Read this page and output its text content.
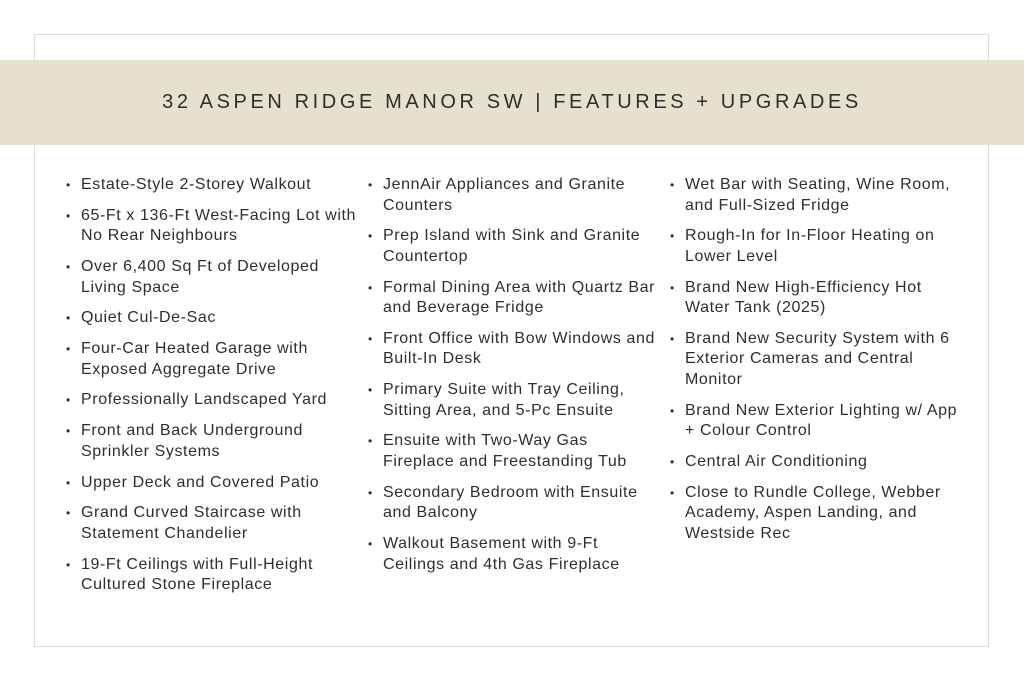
32 ASPEN RIDGE MANOR SW | FEATURES + UPGRADES
• Estate-Style 2-Storey Walkout
• 65-Ft x 136-Ft West-Facing Lot with No Rear Neighbours
• Over 6,400 Sq Ft of Developed Living Space
• Quiet Cul-De-Sac
• Four-Car Heated Garage with Exposed Aggregate Drive
• Professionally Landscaped Yard
• Front and Back Underground Sprinkler Systems
• Upper Deck and Covered Patio
• Grand Curved Staircase with Statement Chandelier
• 19-Ft Ceilings with Full-Height Cultured Stone Fireplace
• JennAir Appliances and Granite Counters
• Prep Island with Sink and Granite Countertop
• Formal Dining Area with Quartz Bar and Beverage Fridge
• Front Office with Bow Windows and Built-In Desk
• Primary Suite with Tray Ceiling, Sitting Area, and 5-Pc Ensuite
• Ensuite with Two-Way Gas Fireplace and Freestanding Tub
• Secondary Bedroom with Ensuite and Balcony
• Walkout Basement with 9-Ft Ceilings and 4th Gas Fireplace
• Wet Bar with Seating, Wine Room, and Full-Sized Fridge
• Rough-In for In-Floor Heating on Lower Level
• Brand New High-Efficiency Hot Water Tank (2025)
• Brand New Security System with 6 Exterior Cameras and Central Monitor
• Brand New Exterior Lighting w/ App + Colour Control
• Central Air Conditioning
• Close to Rundle College, Webber Academy, Aspen Landing, and Westside Rec
